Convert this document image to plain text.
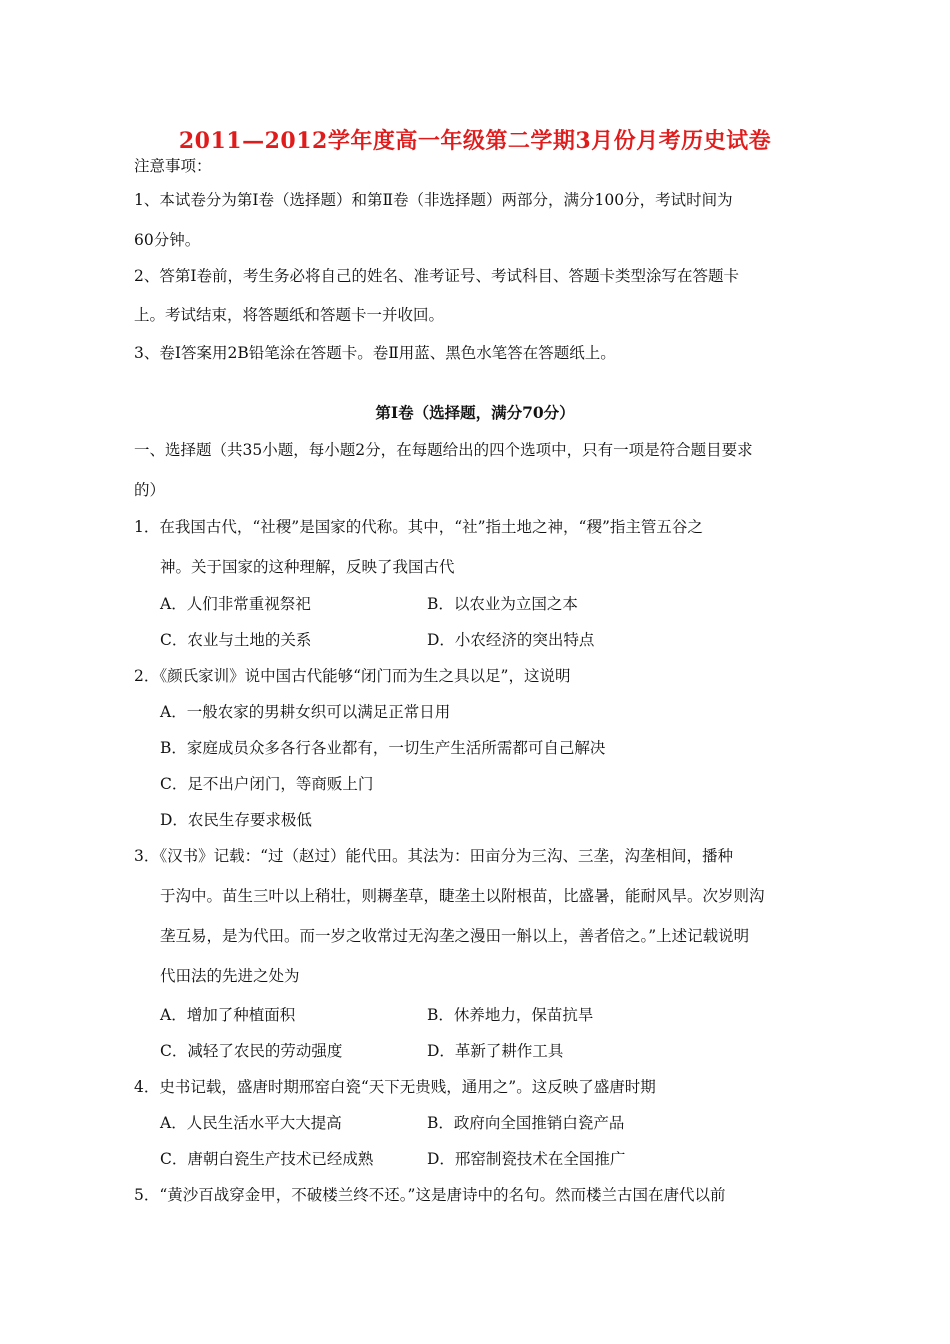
2011—2012学年度高一年级第二学期3月份月考历史试卷
注意事项：
1、本试卷分为第Ⅰ卷（选择题）和第Ⅱ卷（非选择题）两部分，满分100分，考试时间为
60分钟。
2、答第Ⅰ卷前，考生务必将自己的姓名、准考证号、考试科目、答题卡类型涂写在答题卡
上。考试结束，将答题纸和答题卡一并收回。
3、卷Ⅰ答案用2B铅笔涂在答题卡。卷Ⅱ用蓝、黑色水笔答在答题纸上。
第Ⅰ卷（选择题，满分70分）
一、选择题（共35小题，每小题2分，在每题给出的四个选项中，只有一项是符合题目要求
的）
1．在我国古代，“社稷”是国家的代称。其中，“社”指土地之神，“稷”指主管五谷之
神。关于国家的这种理解，反映了我国古代
A．人们非常重视祭祀	B．以农业为立国之本
C．农业与土地的关系	D．小农经济的突出特点
2．《颜氏家训》说中国古代能够“闭门而为生之具以足”，这说明
A．一般农家的男耕女织可以满足正常日用
B．家庭成员众多各行各业都有，一切生产生活所需都可自己解决
C．足不出户闭门，等商贩上门
D．农民生存要求极低
3．《汉书》记载：“过（赵过）能代田。其法为：田亩分为三沟、三垄，沟垄相间，播种
于沟中。苗生三叶以上稍壮，则耨垄草，睫垄土以附根苗，比盛暑，能耐风旱。次岁则沟
垄互易，是为代田。而一岁之收常过无沟垄之漫田一斛以上，善者倍之。”上述记载说明
代田法的先进之处为
A．增加了种植面积	B．休养地力，保苗抗旱
C．减轻了农民的劳动强度	D．革新了耕作工具
4．史书记载，盛唐时期邢窑白瓷“天下无贵贱，通用之”。这反映了盛唐时期
A．人民生活水平大大提高	B．政府向全国推销白瓷产品
C．唐朝白瓷生产技术已经成熟	D．邢窑制瓷技术在全国推广
5．“黄沙百战穿金甲，不破楼兰终不还。”这是唐诗中的名句。然而楼兰古国在唐代以前
